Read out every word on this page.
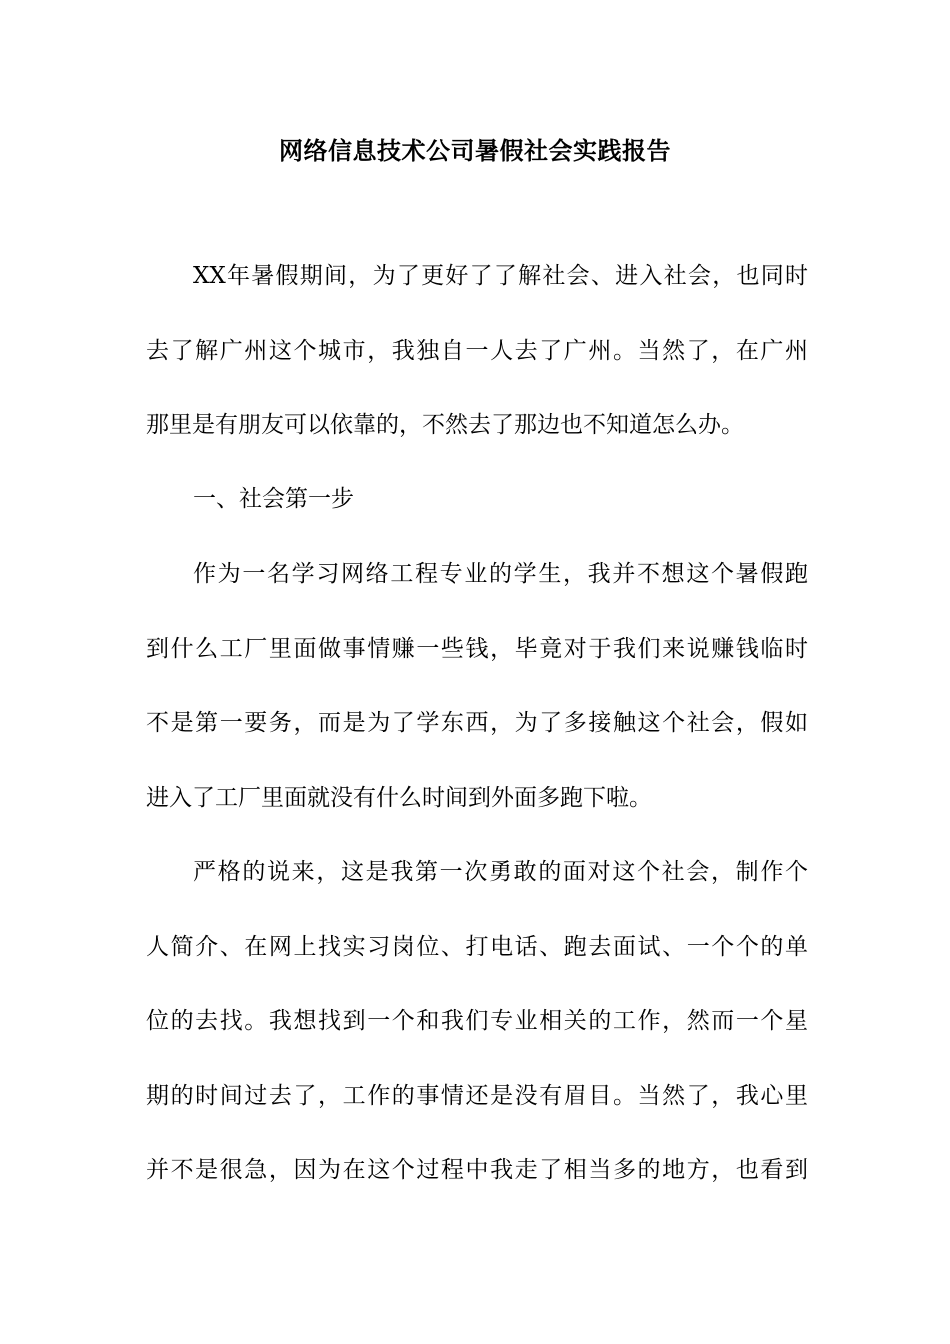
网络信息技术公司暑假社会实践报告
XX年暑假期间，为了更好了了解社会、进入社会，也同时
去了解广州这个城市，我独自一人去了广州。当然了，在广州
那里是有朋友可以依靠的，不然去了那边也不知道怎么办。
一、社会第一步
作为一名学习网络工程专业的学生，我并不想这个暑假跑
到什么工厂里面做事情赚一些钱，毕竟对于我们来说赚钱临时
不是第一要务，而是为了学东西，为了多接触这个社会，假如
进入了工厂里面就没有什么时间到外面多跑下啦。
严格的说来，这是我第一次勇敢的面对这个社会，制作个
人简介、在网上找实习岗位、打电话、跑去面试、一个个的单
位的去找。我想找到一个和我们专业相关的工作，然而一个星
期的时间过去了，工作的事情还是没有眉目。当然了，我心里
并不是很急，因为在这个过程中我走了相当多的地方，也看到
